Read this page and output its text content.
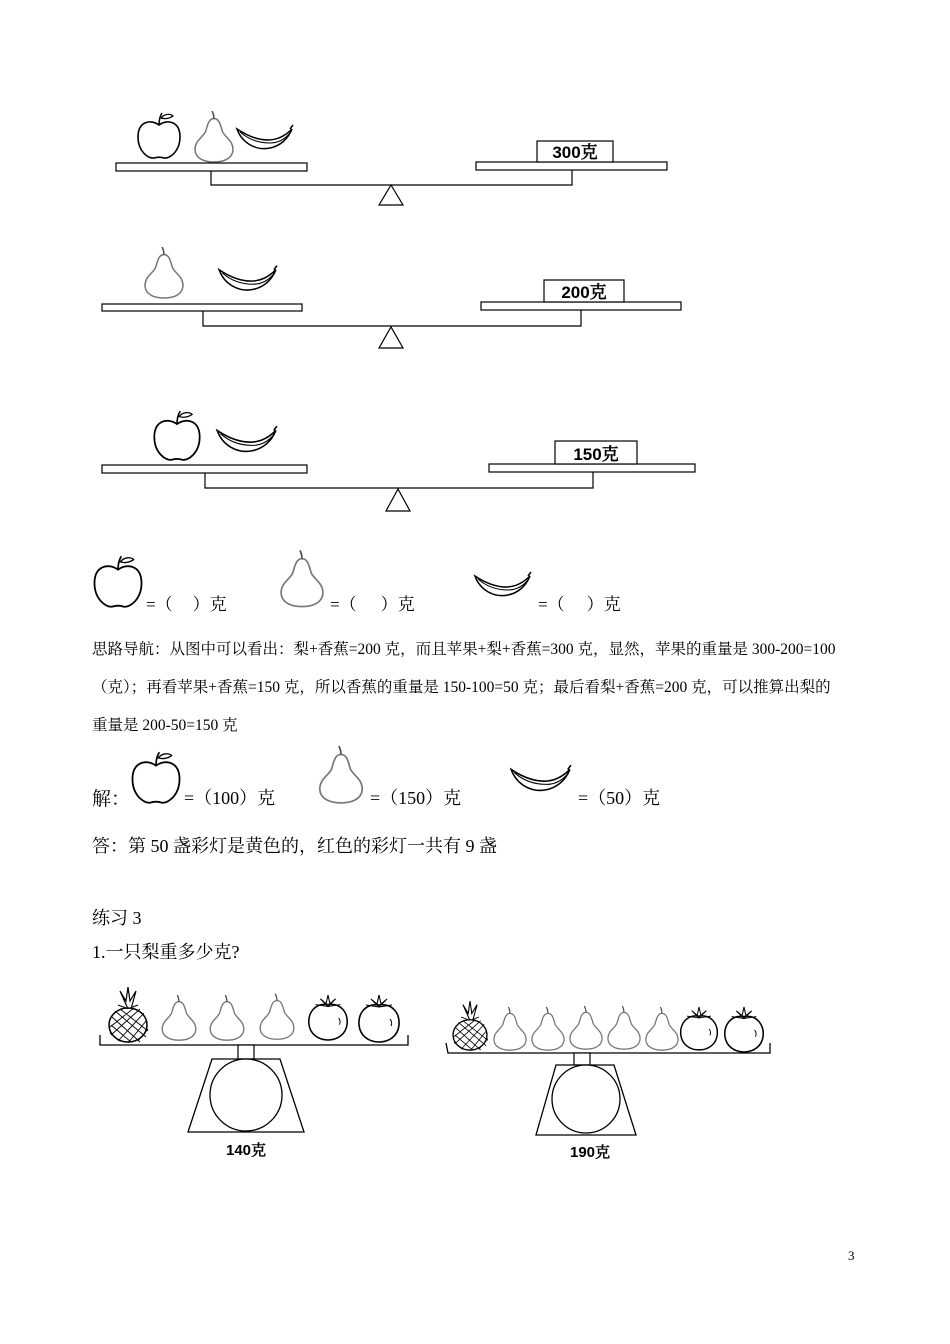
300克
200克
150克
=（ ）克	=（ ）克	=（ ）克
思路导航：从图中可以看出：梨+香蕉=200 克，而且苹果+梨+香蕉=300 克，显然，苹果的重量是 300-200=100
（克）；再看苹果+香蕉=150 克，所以香蕉的重量是 150-100=50 克；最后看梨+香蕉=200 克，可以推算出梨的
重量是 200-50=150 克
解：	=（100）克	=（150）克	=（50）克
答：第 50 盏彩灯是黄色的，红色的彩灯一共有 9 盏
练习 3
1.一只梨重多少克?
140克	190克
3
